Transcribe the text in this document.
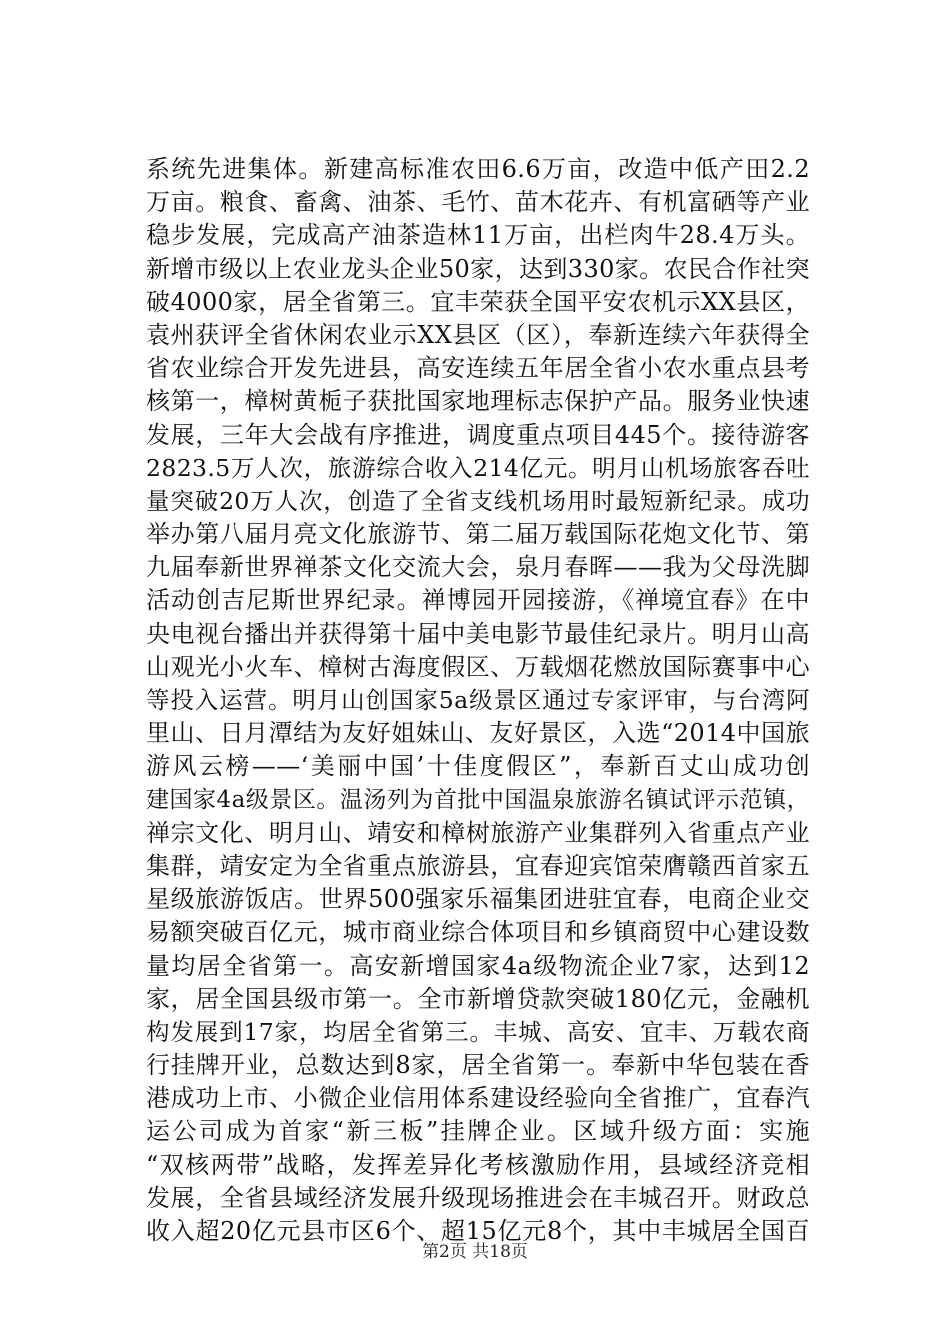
系统先进集体。新建高标准农田6.6万亩，改造中低产田2.2
万亩。粮食、畜禽、油茶、毛竹、苗木花卉、有机富硒等产业
稳步发展，完成高产油茶造林11万亩，出栏肉牛28.4万头。
新增市级以上农业龙头企业50家，达到330家。农民合作社突
破4000家，居全省第三。宜丰荣获全国平安农机示XX县区，
袁州获评全省休闲农业示XX县区（区），奉新连续六年获得全
省农业综合开发先进县，高安连续五年居全省小农水重点县考
核第一，樟树黄栀子获批国家地理标志保护产品。服务业快速
发展，三年大会战有序推进，调度重点项目445个。接待游客
2823.5万人次，旅游综合收入214亿元。明月山机场旅客吞吐
量突破20万人次，创造了全省支线机场用时最短新纪录。成功
举办第八届月亮文化旅游节、第二届万载国际花炮文化节、第
九届奉新世界禅茶文化交流大会，泉月春晖——我为父母洗脚
活动创吉尼斯世界纪录。禅博园开园接游，《禅境宜春》在中
央电视台播出并获得第十届中美电影节最佳纪录片。明月山高
山观光小火车、樟树古海度假区、万载烟花燃放国际赛事中心
等投入运营。明月山创国家5a级景区通过专家评审，与台湾阿
里山、日月潭结为友好姐妹山、友好景区，入选“2014中国旅
游风云榜——‘美丽中国’十佳度假区”，奉新百丈山成功创
建国家4a级景区。温汤列为首批中国温泉旅游名镇试评示范镇，
禅宗文化、明月山、靖安和樟树旅游产业集群列入省重点产业
集群，靖安定为全省重点旅游县，宜春迎宾馆荣膺赣西首家五
星级旅游饭店。世界500强家乐福集团进驻宜春，电商企业交
易额突破百亿元，城市商业综合体项目和乡镇商贸中心建设数
量均居全省第一。高安新增国家4a级物流企业7家，达到12
家，居全国县级市第一。全市新增贷款突破180亿元，金融机
构发展到17家，均居全省第三。丰城、高安、宜丰、万载农商
行挂牌开业，总数达到8家，居全省第一。奉新中华包装在香
港成功上市、小微企业信用体系建设经验向全省推广，宜春汽
运公司成为首家“新三板”挂牌企业。区域升级方面：实施
“双核两带”战略，发挥差异化考核激励作用，县域经济竞相
发展，全省县域经济发展升级现场推进会在丰城召开。财政总
收入超20亿元县市区6个、超15亿元8个，其中丰城居全国百
第2页 共18页
